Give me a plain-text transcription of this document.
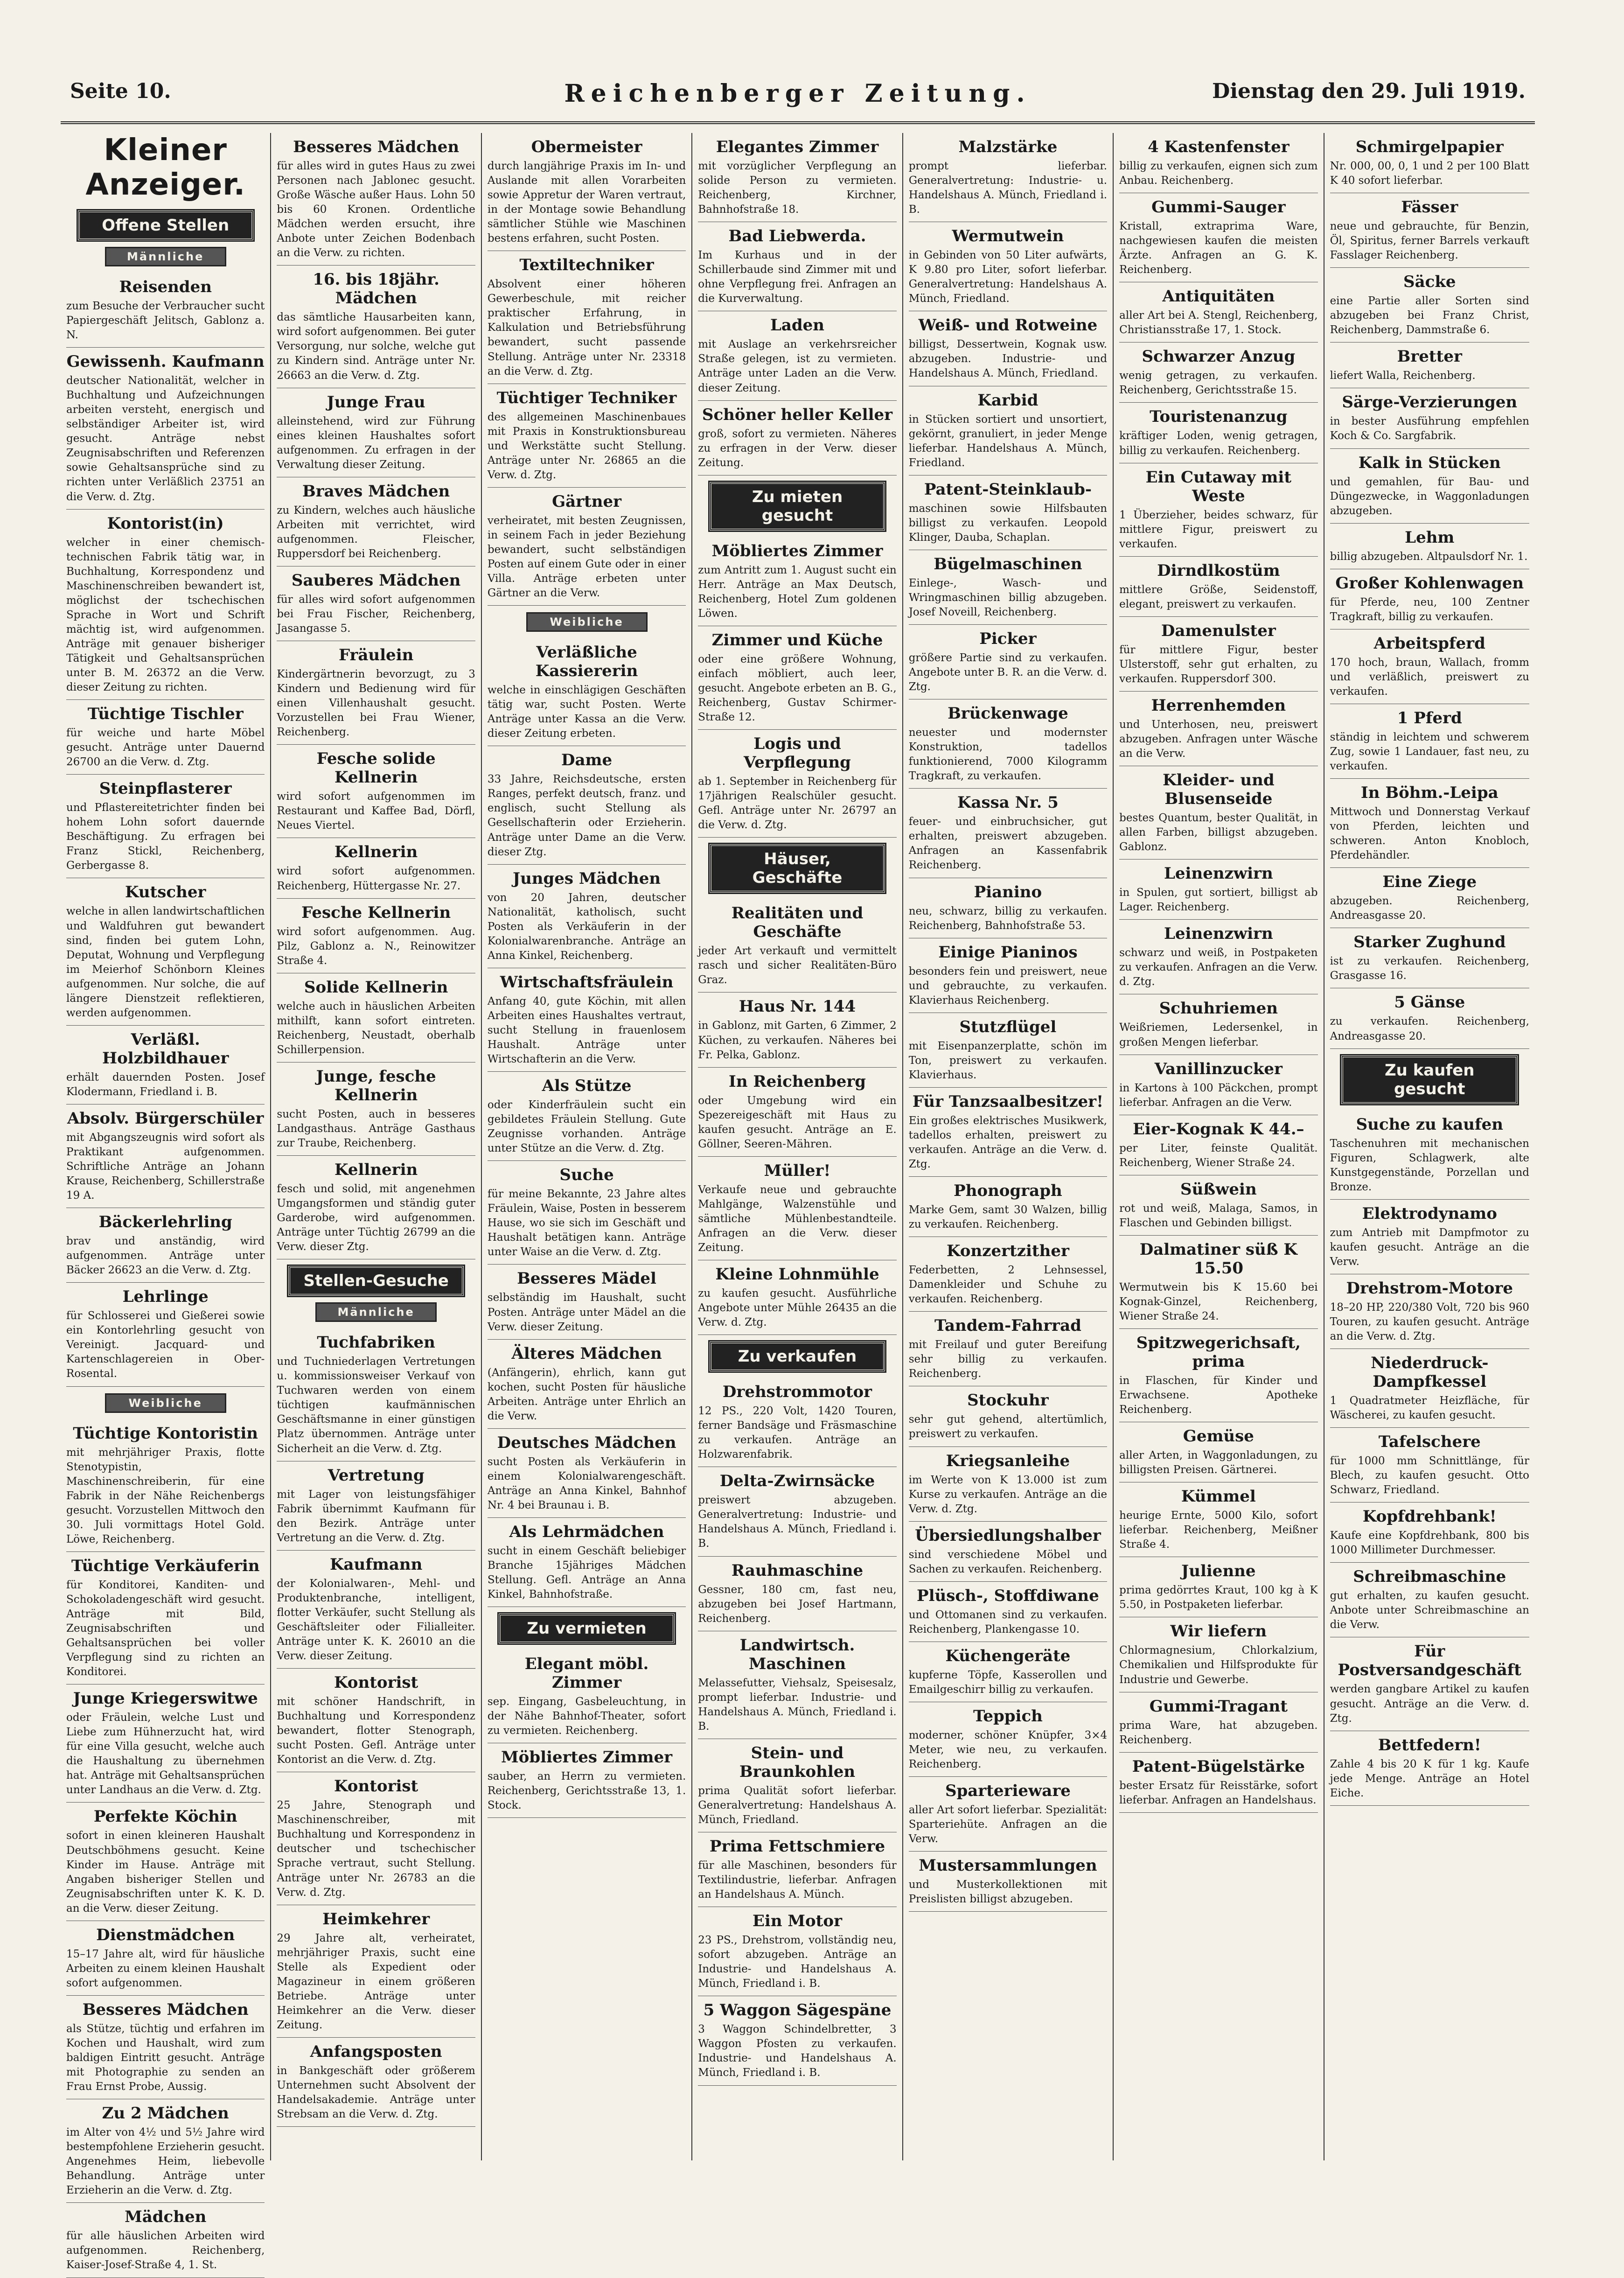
Seite 10.	Reichenberger Zeitung.	Dienstag den 29. Juli 1919.
Kleiner Anzeiger.
Offene Stellen
Männliche
Reisenden

zum Besuche der Verbraucher sucht Papiergeschäft Jelitsch, Gablonz a. N.

Gewissenh. Kaufmann

deutscher Nationalität, welcher in Buchhaltung und Aufzeichnungen arbeiten versteht, energisch und selbständiger Arbeiter ist, wird gesucht. Anträge nebst Zeugnisabschriften und Referenzen sowie Gehaltsansprüche sind zu richten unter Verläßlich 23751 an die Verw. d. Ztg.

Kontorist(in)

welcher in einer chemisch-technischen Fabrik tätig war, in Buchhaltung, Korrespondenz und Maschinenschreiben bewandert ist, möglichst der tschechischen Sprache in Wort und Schrift mächtig ist, wird aufgenommen. Anträge mit genauer bisheriger Tätigkeit und Gehaltsansprüchen unter B. M. 26372 an die Verw. dieser Zeitung zu richten.

Tüchtige Tischler

für weiche und harte Möbel gesucht. Anträge unter Dauernd 26700 an die Verw. d. Ztg.

Steinpflasterer

und Pflastereitetrichter finden bei hohem Lohn sofort dauernde Beschäftigung. Zu erfragen bei Franz Stickl, Reichenberg, Gerbergasse 8.

Kutscher

welche in allen landwirtschaftlichen und Waldfuhren gut bewandert sind, finden bei gutem Lohn, Deputat, Wohnung und Verpflegung im Meierhof Schönborn Kleines aufgenommen. Nur solche, die auf längere Dienstzeit reflektieren, werden aufgenommen.

Verläßl. Holzbildhauer

erhält dauernden Posten. Josef Klodermann, Friedland i. B.

Absolv. Bürgerschüler

mit Abgangszeugnis wird sofort als Praktikant aufgenommen. Schriftliche Anträge an Johann Krause, Reichenberg, Schillerstraße 19 A.

Bäckerlehrling

brav und anständig, wird aufgenommen. Anträge unter Bäcker 26623 an die Verw. d. Ztg.

Lehrlinge

für Schlosserei und Gießerei sowie ein Kontorlehrling gesucht von Vereinigt. Jacquard- und Kartenschlagereien in Ober-Rosental.

Weibliche
Tüchtige Kontoristin

mit mehrjähriger Praxis, flotte Stenotypistin, Maschinenschreiberin, für eine Fabrik in der Nähe Reichenbergs gesucht. Vorzustellen Mittwoch den 30. Juli vormittags Hotel Gold. Löwe, Reichenberg.

Tüchtige Verkäuferin

für Konditorei, Kanditen- und Schokoladengeschäft wird gesucht. Anträge mit Bild, Zeugnisabschriften und Gehaltsansprüchen bei voller Verpflegung sind zu richten an Konditorei.

Junge Kriegerswitwe

oder Fräulein, welche Lust und Liebe zum Hühnerzucht hat, wird für eine Villa gesucht, welche auch die Haushaltung zu übernehmen hat. Anträge mit Gehaltsansprüchen unter Landhaus an die Verw. d. Ztg.

Perfekte Köchin

sofort in einen kleineren Haushalt Deutschböhmens gesucht. Keine Kinder im Hause. Anträge mit Angaben bisheriger Stellen und Zeugnisabschriften unter K. K. D. an die Verw. dieser Zeitung.

Dienstmädchen

15–17 Jahre alt, wird für häusliche Arbeiten zu einem kleinen Haushalt sofort aufgenommen.

Besseres Mädchen

als Stütze, tüchtig und erfahren im Kochen und Haushalt, wird zum baldigen Eintritt gesucht. Anträge mit Photographie zu senden an Frau Ernst Probe, Aussig.

Zu 2 Mädchen

im Alter von 4½ und 5½ Jahre wird bestempfohlene Erzieherin gesucht. Angenehmes Heim, liebevolle Behandlung. Anträge unter Erzieherin an die Verw. d. Ztg.

Mädchen

für alle häuslichen Arbeiten wird aufgenommen. Reichenberg, Kaiser-Josef-Straße 4, 1. St.

Besseres Mädchen

für alles wird in gutes Haus zu zwei Personen nach Jablonec gesucht. Große Wäsche außer Haus. Lohn 50 bis 60 Kronen. Ordentliche Mädchen werden ersucht, ihre Anbote unter Zeichen Bodenbach an die Verw. zu richten.

16. bis 18jähr. Mädchen

das sämtliche Hausarbeiten kann, wird sofort aufgenommen. Bei guter Versorgung, nur solche, welche gut zu Kindern sind. Anträge unter Nr. 26663 an die Verw. d. Ztg.

Junge Frau

alleinstehend, wird zur Führung eines kleinen Haushaltes sofort aufgenommen. Zu erfragen in der Verwaltung dieser Zeitung.

Braves Mädchen

zu Kindern, welches auch häusliche Arbeiten mit verrichtet, wird aufgenommen. Fleischer, Ruppersdorf bei Reichenberg.

Sauberes Mädchen

für alles wird sofort aufgenommen bei Frau Fischer, Reichenberg, Jasangasse 5.

Fräulein

Kindergärtnerin bevorzugt, zu 3 Kindern und Bedienung wird für einen Villenhaushalt gesucht. Vorzustellen bei Frau Wiener, Reichenberg.

Fesche solide Kellnerin

wird sofort aufgenommen im Restaurant und Kaffee Bad, Dörfl, Neues Viertel.

Kellnerin

wird sofort aufgenommen. Reichenberg, Hüttergasse Nr. 27.

Fesche Kellnerin

wird sofort aufgenommen. Aug. Pilz, Gablonz a. N., Reinowitzer Straße 4.

Solide Kellnerin

welche auch in häuslichen Arbeiten mithilft, kann sofort eintreten. Reichenberg, Neustadt, oberhalb Schillerpension.

Junge, fesche Kellnerin

sucht Posten, auch in besseres Landgasthaus. Anträge Gasthaus zur Traube, Reichenberg.

Kellnerin

fesch und solid, mit angenehmen Umgangsformen und ständig guter Garderobe, wird aufgenommen. Anträge unter Tüchtig 26799 an die Verw. dieser Ztg.

Stellen-Gesuche
Männliche
Tuchfabriken

und Tuchniederlagen Vertretungen u. kommissionsweiser Verkauf von Tuchwaren werden von einem tüchtigen kaufmännischen Geschäftsmanne in einer günstigen Platz übernommen. Anträge unter Sicherheit an die Verw. d. Ztg.

Vertretung

mit Lager von leistungsfähiger Fabrik übernimmt Kaufmann für den Bezirk. Anträge unter Vertretung an die Verw. d. Ztg.

Kaufmann

der Kolonialwaren-, Mehl- und Produktenbranche, intelligent, flotter Verkäufer, sucht Stellung als Geschäftsleiter oder Filialleiter. Anträge unter K. K. 26010 an die Verw. dieser Zeitung.

Kontorist

mit schöner Handschrift, in Buchhaltung und Korrespondenz bewandert, flotter Stenograph, sucht Posten. Gefl. Anträge unter Kontorist an die Verw. d. Ztg.

Kontorist

25 Jahre, Stenograph und Maschinenschreiber, mit Buchhaltung und Korrespondenz in deutscher und tschechischer Sprache vertraut, sucht Stellung. Anträge unter Nr. 26783 an die Verw. d. Ztg.

Heimkehrer

29 Jahre alt, verheiratet, mehrjähriger Praxis, sucht eine Stelle als Expedient oder Magazineur in einem größeren Betriebe. Anträge unter Heimkehrer an die Verw. dieser Zeitung.

Anfangsposten

in Bankgeschäft oder größerem Unternehmen sucht Absolvent der Handelsakademie. Anträge unter Strebsam an die Verw. d. Ztg.

Obermeister

durch langjährige Praxis im In- und Auslande mit allen Vorarbeiten sowie Appretur der Waren vertraut, in der Montage sowie Behandlung sämtlicher Stühle wie Maschinen bestens erfahren, sucht Posten.

Textiltechniker

Absolvent einer höheren Gewerbeschule, mit reicher praktischer Erfahrung, in Kalkulation und Betriebsführung bewandert, sucht passende Stellung. Anträge unter Nr. 23318 an die Verw. d. Ztg.

Tüchtiger Techniker

des allgemeinen Maschinenbaues mit Praxis in Konstruktionsbureau und Werkstätte sucht Stellung. Anträge unter Nr. 26865 an die Verw. d. Ztg.

Gärtner

verheiratet, mit besten Zeugnissen, in seinem Fach in jeder Beziehung bewandert, sucht selbständigen Posten auf einem Gute oder in einer Villa. Anträge erbeten unter Gärtner an die Verw.

Weibliche
Verläßliche Kassiererin

welche in einschlägigen Geschäften tätig war, sucht Posten. Werte Anträge unter Kassa an die Verw. dieser Zeitung erbeten.

Dame

33 Jahre, Reichsdeutsche, ersten Ranges, perfekt deutsch, franz. und englisch, sucht Stellung als Gesellschafterin oder Erzieherin. Anträge unter Dame an die Verw. dieser Ztg.

Junges Mädchen

von 20 Jahren, deutscher Nationalität, katholisch, sucht Posten als Verkäuferin in der Kolonialwarenbranche. Anträge an Anna Kinkel, Reichenberg.

Wirtschaftsfräulein

Anfang 40, gute Köchin, mit allen Arbeiten eines Haushaltes vertraut, sucht Stellung in frauenlosem Haushalt. Anträge unter Wirtschafterin an die Verw.

Als Stütze

oder Kinderfräulein sucht ein gebildetes Fräulein Stellung. Gute Zeugnisse vorhanden. Anträge unter Stütze an die Verw. d. Ztg.

Suche

für meine Bekannte, 23 Jahre altes Fräulein, Waise, Posten in besserem Hause, wo sie sich im Geschäft und Haushalt betätigen kann. Anträge unter Waise an die Verw. d. Ztg.

Besseres Mädel

selbständig im Haushalt, sucht Posten. Anträge unter Mädel an die Verw. dieser Zeitung.

Älteres Mädchen

(Anfängerin), ehrlich, kann gut kochen, sucht Posten für häusliche Arbeiten. Anträge unter Ehrlich an die Verw.

Deutsches Mädchen

sucht Posten als Verkäuferin in einem Kolonialwarengeschäft. Anträge an Anna Kinkel, Bahnhof Nr. 4 bei Braunau i. B.

Als Lehrmädchen

sucht in einem Geschäft beliebiger Branche 15jähriges Mädchen Stellung. Gefl. Anträge an Anna Kinkel, Bahnhofstraße.

Zu vermieten
Elegant möbl. Zimmer

sep. Eingang, Gasbeleuchtung, in der Nähe Bahnhof-Theater, sofort zu vermieten. Reichenberg.

Möbliertes Zimmer

sauber, an Herrn zu vermieten. Reichenberg, Gerichtsstraße 13, 1. Stock.

Elegantes Zimmer

mit vorzüglicher Verpflegung an solide Person zu vermieten. Reichenberg, Kirchner, Bahnhofstraße 18.

Bad Liebwerda.

Im Kurhaus und in der Schillerbaude sind Zimmer mit und ohne Verpflegung frei. Anfragen an die Kurverwaltung.

Laden

mit Auslage an verkehrsreicher Straße gelegen, ist zu vermieten. Anträge unter Laden an die Verw. dieser Zeitung.

Schöner heller Keller

groß, sofort zu vermieten. Näheres zu erfragen in der Verw. dieser Zeitung.

Zu mieten gesucht
Möbliertes Zimmer

zum Antritt zum 1. August sucht ein Herr. Anträge an Max Deutsch, Reichenberg, Hotel Zum goldenen Löwen.

Zimmer und Küche

oder eine größere Wohnung, einfach möbliert, auch leer, gesucht. Angebote erbeten an B. G., Reichenberg, Gustav Schirmer-Straße 12.

Logis und Verpflegung

ab 1. September in Reichenberg für 17jährigen Realschüler gesucht. Gefl. Anträge unter Nr. 26797 an die Verw. d. Ztg.

Häuser, Geschäfte
Realitäten und Geschäfte

jeder Art verkauft und vermittelt rasch und sicher Realitäten-Büro Graz.

Haus Nr. 144

in Gablonz, mit Garten, 6 Zimmer, 2 Küchen, zu verkaufen. Näheres bei Fr. Pelka, Gablonz.

In Reichenberg

oder Umgebung wird ein Spezereigeschäft mit Haus zu kaufen gesucht. Anträge an E. Göllner, Seeren-Mähren.

Müller!

Verkaufe neue und gebrauchte Mahlgänge, Walzenstühle und sämtliche Mühlenbestandteile. Anfragen an die Verw. dieser Zeitung.

Kleine Lohnmühle

zu kaufen gesucht. Ausführliche Angebote unter Mühle 26435 an die Verw. d. Ztg.

Zu verkaufen
Drehstrommotor

12 PS., 220 Volt, 1420 Touren, ferner Bandsäge und Fräsmaschine zu verkaufen. Anträge an Holzwarenfabrik.

Delta-Zwirnsäcke

preiswert abzugeben. Generalvertretung: Industrie- und Handelshaus A. Münch, Friedland i. B.

Rauhmaschine

Gessner, 180 cm, fast neu, abzugeben bei Josef Hartmann, Reichenberg.

Landwirtsch. Maschinen

Melassefutter, Viehsalz, Speisesalz, prompt lieferbar. Industrie- und Handelshaus A. Münch, Friedland i. B.

Stein- und Braunkohlen

prima Qualität sofort lieferbar. Generalvertretung: Handelshaus A. Münch, Friedland.

Prima Fettschmiere

für alle Maschinen, besonders für Textilindustrie, lieferbar. Anfragen an Handelshaus A. Münch.

Ein Motor

23 PS., Drehstrom, vollständig neu, sofort abzugeben. Anträge an Industrie- und Handelshaus A. Münch, Friedland i. B.

5 Waggon Sägespäne

3 Waggon Schindelbretter, 3 Waggon Pfosten zu verkaufen. Industrie- und Handelshaus A. Münch, Friedland i. B.

Malzstärke

prompt lieferbar. Generalvertretung: Industrie- u. Handelshaus A. Münch, Friedland i. B.

Wermutwein

in Gebinden von 50 Liter aufwärts, K 9.80 pro Liter, sofort lieferbar. Generalvertretung: Handelshaus A. Münch, Friedland.

Weiß- und Rotweine

billigst, Dessertwein, Kognak usw. abzugeben. Industrie- und Handelshaus A. Münch, Friedland.

Karbid

in Stücken sortiert und unsortiert, gekörnt, granuliert, in jeder Menge lieferbar. Handelshaus A. Münch, Friedland.

Patent-Steinklaub-

maschinen sowie Hilfsbauten billigst zu verkaufen. Leopold Klinger, Dauba, Schaplan.

Bügelmaschinen

Einlege-, Wasch- und Wringmaschinen billig abzugeben. Josef Noveill, Reichenberg.

Picker

größere Partie sind zu verkaufen. Angebote unter B. R. an die Verw. d. Ztg.

Brückenwage

neuester und modernster Konstruktion, tadellos funktionierend, 7000 Kilogramm Tragkraft, zu verkaufen.

Kassa Nr. 5

feuer- und einbruchsicher, gut erhalten, preiswert abzugeben. Anfragen an Kassenfabrik Reichenberg.

Pianino

neu, schwarz, billig zu verkaufen. Reichenberg, Bahnhofstraße 53.

Einige Pianinos

besonders fein und preiswert, neue und gebrauchte, zu verkaufen. Klavierhaus Reichenberg.

Stutzflügel

mit Eisenpanzerplatte, schön im Ton, preiswert zu verkaufen. Klavierhaus.

Für Tanzsaalbesitzer!

Ein großes elektrisches Musikwerk, tadellos erhalten, preiswert zu verkaufen. Anträge an die Verw. d. Ztg.

Phonograph

Marke Gem, samt 30 Walzen, billig zu verkaufen. Reichenberg.

Konzertzither

Federbetten, 2 Lehnsessel, Damenkleider und Schuhe zu verkaufen. Reichenberg.

Tandem-Fahrrad

mit Freilauf und guter Bereifung sehr billig zu verkaufen. Reichenberg.

Stockuhr

sehr gut gehend, altertümlich, preiswert zu verkaufen.

Kriegsanleihe

im Werte von K 13.000 ist zum Kurse zu verkaufen. Anträge an die Verw. d. Ztg.

Übersiedlungshalber

sind verschiedene Möbel und Sachen zu verkaufen. Reichenberg.

Plüsch-, Stoffdiwane

und Ottomanen sind zu verkaufen. Reichenberg, Plankengasse 10.

Küchengeräte

kupferne Töpfe, Kasserollen und Emailgeschirr billig zu verkaufen.

Teppich

moderner, schöner Knüpfer, 3×4 Meter, wie neu, zu verkaufen. Reichenberg.

Sparterieware

aller Art sofort lieferbar. Spezialität: Sparteriehüte. Anfragen an die Verw.

Mustersammlungen

und Musterkollektionen mit Preislisten billigst abzugeben.

4 Kastenfenster

billig zu verkaufen, eignen sich zum Anbau. Reichenberg.

Gummi-Sauger

Kristall, extraprima Ware, nachgewiesen kaufen die meisten Ärzte. Anfragen an G. K. Reichenberg.

Antiquitäten

aller Art bei A. Stengl, Reichenberg, Christiansstraße 17, 1. Stock.

Schwarzer Anzug

wenig getragen, zu verkaufen. Reichenberg, Gerichtsstraße 15.

Touristenanzug

kräftiger Loden, wenig getragen, billig zu verkaufen. Reichenberg.

Ein Cutaway mit Weste

1 Überzieher, beides schwarz, für mittlere Figur, preiswert zu verkaufen.

Dirndlkostüm

mittlere Größe, Seidenstoff, elegant, preiswert zu verkaufen.

Damenulster

für mittlere Figur, bester Ulsterstoff, sehr gut erhalten, zu verkaufen. Ruppersdorf 300.

Herrenhemden

und Unterhosen, neu, preiswert abzugeben. Anfragen unter Wäsche an die Verw.

Kleider- und Blusenseide

bestes Quantum, bester Qualität, in allen Farben, billigst abzugeben. Gablonz.

Leinenzwirn

in Spulen, gut sortiert, billigst ab Lager. Reichenberg.

Leinenzwirn

schwarz und weiß, in Postpaketen zu verkaufen. Anfragen an die Verw. d. Ztg.

Schuhriemen

Weißriemen, Ledersenkel, in großen Mengen lieferbar.

Vanillinzucker

in Kartons à 100 Päckchen, prompt lieferbar. Anfragen an die Verw.

Eier-Kognak K 44.–

per Liter, feinste Qualität. Reichenberg, Wiener Straße 24.

Süßwein

rot und weiß, Malaga, Samos, in Flaschen und Gebinden billigst.

Dalmatiner süß K 15.50

Wermutwein bis K 15.60 bei Kognak-Ginzel, Reichenberg, Wiener Straße 24.

Spitzwegerichsaft, prima

in Flaschen, für Kinder und Erwachsene. Apotheke Reichenberg.

Gemüse

aller Arten, in Waggonladungen, zu billigsten Preisen. Gärtnerei.

Kümmel

heurige Ernte, 5000 Kilo, sofort lieferbar. Reichenberg, Meißner Straße 4.

Julienne

prima gedörrtes Kraut, 100 kg à K 5.50, in Postpaketen lieferbar.

Wir liefern

Chlormagnesium, Chlorkalzium, Chemikalien und Hilfsprodukte für Industrie und Gewerbe.

Gummi-Tragant

prima Ware, hat abzugeben. Reichenberg.

Patent-Bügelstärke

bester Ersatz für Reisstärke, sofort lieferbar. Anfragen an Handelshaus.

Schmirgelpapier

Nr. 000, 00, 0, 1 und 2 per 100 Blatt K 40 sofort lieferbar.

Fässer

neue und gebrauchte, für Benzin, Öl, Spiritus, ferner Barrels verkauft Fasslager Reichenberg.

Säcke

eine Partie aller Sorten sind abzugeben bei Franz Christ, Reichenberg, Dammstraße 6.

Bretter

liefert Walla, Reichenberg.

Särge-Verzierungen

in bester Ausführung empfehlen Koch & Co. Sargfabrik.

Kalk in Stücken

und gemahlen, für Bau- und Düngezwecke, in Waggonladungen abzugeben.

Lehm

billig abzugeben. Altpaulsdorf Nr. 1.

Großer Kohlenwagen

für Pferde, neu, 100 Zentner Tragkraft, billig zu verkaufen.

Arbeitspferd

170 hoch, braun, Wallach, fromm und verläßlich, preiswert zu verkaufen.

1 Pferd

ständig in leichtem und schwerem Zug, sowie 1 Landauer, fast neu, zu verkaufen.

In Böhm.-Leipa

Mittwoch und Donnerstag Verkauf von Pferden, leichten und schweren. Anton Knobloch, Pferdehändler.

Eine Ziege

abzugeben. Reichenberg, Andreasgasse 20.

Starker Zughund

ist zu verkaufen. Reichenberg, Grasgasse 16.

5 Gänse

zu verkaufen. Reichenberg, Andreasgasse 20.

Zu kaufen gesucht
Suche zu kaufen

Taschenuhren mit mechanischen Figuren, Schlagwerk, alte Kunstgegenstände, Porzellan und Bronze.

Elektrodynamo

zum Antrieb mit Dampfmotor zu kaufen gesucht. Anträge an die Verw.

Drehstrom-Motore

18–20 HP, 220/380 Volt, 720 bis 960 Touren, zu kaufen gesucht. Anträge an die Verw. d. Ztg.

Niederdruck-Dampfkessel

1 Quadratmeter Heizfläche, für Wäscherei, zu kaufen gesucht.

Tafelschere

für 1000 mm Schnittlänge, für Blech, zu kaufen gesucht. Otto Schwarz, Friedland.

Kopfdrehbank!

Kaufe eine Kopfdrehbank, 800 bis 1000 Millimeter Durchmesser.

Schreibmaschine

gut erhalten, zu kaufen gesucht. Anbote unter Schreibmaschine an die Verw.

Für Postversandgeschäft

werden gangbare Artikel zu kaufen gesucht. Anträge an die Verw. d. Ztg.

Bettfedern!

Zahle 4 bis 20 K für 1 kg. Kaufe jede Menge. Anträge an Hotel Eiche.
